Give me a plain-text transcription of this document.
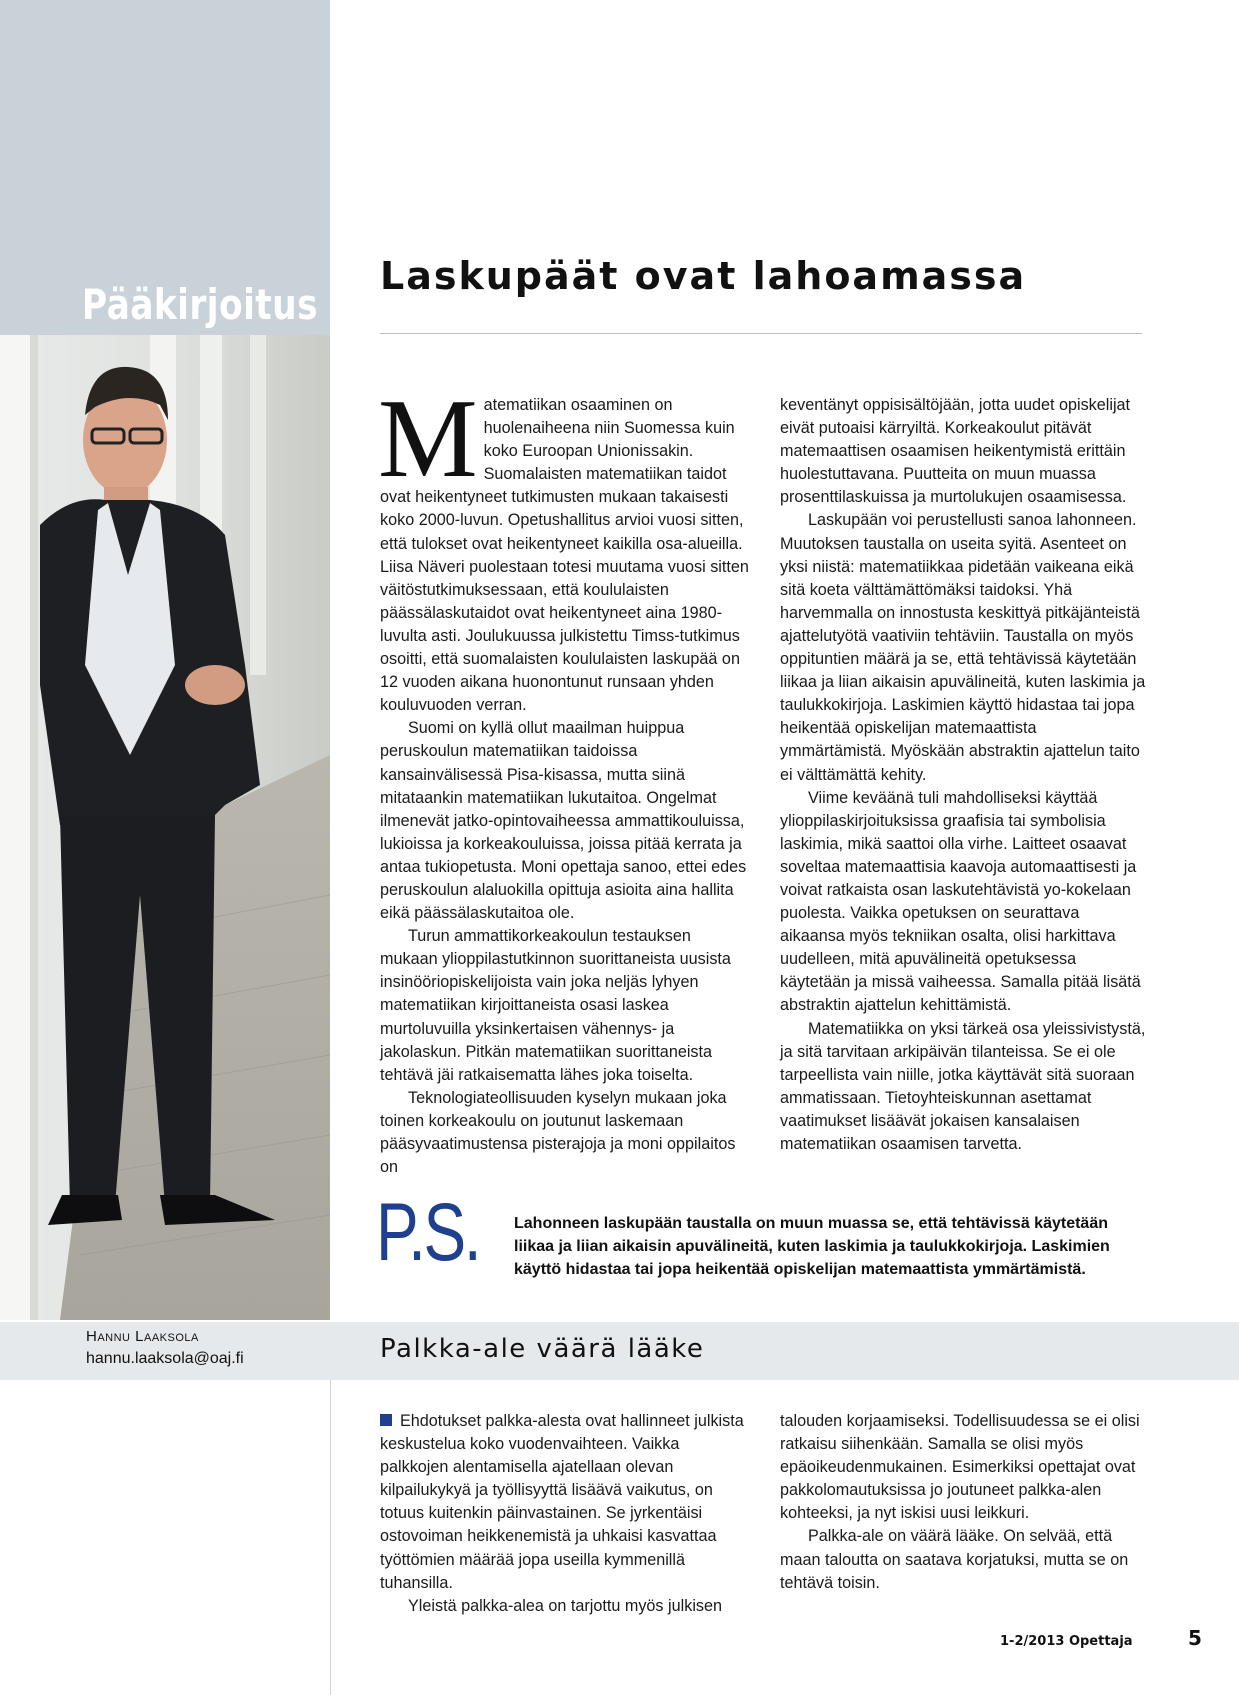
Pääkirjoitus
Laskupäät ovat lahoamassa

Matematiikan osaaminen on huolenaiheena niin Suomessa kuin koko Euroopan Unionissakin. Suomalaisten matematiikan taidot ovat heikentyneet tutkimusten mukaan takaisesti koko 2000-luvun. Opetushallitus arvioi vuosi sitten, että tulokset ovat heikentyneet kaikilla osa-alueilla. Liisa Näveri puolestaan totesi muutama vuosi sitten väitöstutkimuksessaan, että koululaisten päässälaskutaidot ovat heikentyneet aina 1980-luvulta asti. Joulukuussa julkistettu Timss-tutkimus osoitti, että suomalaisten koululaisten laskupää on 12 vuoden aikana huonontunut runsaan yhden kouluvuoden verran.

Suomi on kyllä ollut maailman huippua peruskoulun matematiikan taidoissa kansainvälisessä Pisa-kisassa, mutta siinä mitataankin matematiikan lukutaitoa. Ongelmat ilmenevät jatko-opintovaiheessa ammattikouluissa, lukioissa ja korkeakouluissa, joissa pitää kerrata ja antaa tukiopetusta. Moni opettaja sanoo, ettei edes peruskoulun alaluokilla opittuja asioita aina hallita eikä päässälaskutaitoa ole.

Turun ammattikorkeakoulun testauksen mukaan ylioppilastutkinnon suorittaneista uusista insinööriopiskelijoista vain joka neljäs lyhyen matematiikan kirjoittaneista osasi laskea murtoluvuilla yksinkertaisen vähennys- ja jakolaskun. Pitkän matematiikan suorittaneista tehtävä jäi ratkaisematta lähes joka toiselta.

Teknologiateollisuuden kyselyn mukaan joka toinen korkeakoulu on joutunut laskemaan pääsyvaatimustensa pisterajoja ja moni oppilaitos on

keventänyt oppisisältöjään, jotta uudet opiskelijat eivät putoaisi kärryiltä. Korkeakoulut pitävät matemaattisen osaamisen heikentymistä erittäin huolestuttavana. Puutteita on muun muassa prosenttilaskuissa ja murtolukujen osaamisessa.

Laskupään voi perustellusti sanoa lahonneen. Muutoksen taustalla on useita syitä. Asenteet on yksi niistä: matematiikkaa pidetään vaikeana eikä sitä koeta välttämättömäksi taidoksi. Yhä harvemmalla on innostusta keskittyä pitkäjänteistä ajattelutyötä vaativiin tehtäviin. Taustalla on myös oppituntien määrä ja se, että tehtävissä käytetään liikaa ja liian aikaisin apuvälineitä, kuten laskimia ja taulukkokirjoja. Laskimien käyttö hidastaa tai jopa heikentää opiskelijan matemaattista ymmärtämistä. Myöskään abstraktin ajattelun taito ei välttämättä kehity.

Viime keväänä tuli mahdolliseksi käyttää ylioppilaskirjoituksissa graafisia tai symbolisia laskimia, mikä saattoi olla virhe. Laitteet osaavat soveltaa matemaattisia kaavoja automaattisesti ja voivat ratkaista osan laskutehtävistä yo-kokelaan puolesta. Vaikka opetuksen on seurattava aikaansa myös tekniikan osalta, olisi harkittava uudelleen, mitä apuvälineitä opetuksessa käytetään ja missä vaiheessa. Samalla pitää lisätä abstraktin ajattelun kehittämistä.

Matematiikka on yksi tärkeä osa yleissivistystä, ja sitä tarvitaan arkipäivän tilanteissa. Se ei ole tarpeellista vain niille, jotka käyttävät sitä suoraan ammatissaan. Tietoyhteiskunnan asettamat vaatimukset lisäävät jokaisen kansalaisen matematiikan osaamisen tarvetta.

P.S. Lahonneen laskupään taustalla on muun muassa se, että tehtävissä käytetään liikaa ja liian aikaisin apuvälineitä, kuten laskimia ja taulukkokirjoja. Laskimien käyttö hidastaa tai jopa heikentää opiskelijan matemaattista ymmärtämistä.
Hannu Laaksola
hannu.laaksola@oaj.fi	Palkka-ale väärä lääke

Ehdotukset palkka-alesta ovat hallinneet julkista keskustelua koko vuodenvaihteen. Vaikka palkkojen alentamisella ajatellaan olevan kilpailukykyä ja työllisyyttä lisäävä vaikutus, on totuus kuitenkin päinvastainen. Se jyrkentäisi ostovoiman heikkenemistä ja uhkaisi kasvattaa työttömien määrää jopa useilla kymmenillä tuhansilla.

Yleistä palkka-alea on tarjottu myös julkisen

talouden korjaamiseksi. Todellisuudessa se ei olisi ratkaisu siihenkään. Samalla se olisi myös epäoikeudenmukainen. Esimerkiksi opettajat ovat pakkolomautuksissa jo joutuneet palkka-alen kohteeksi, ja nyt iskisi uusi leikkuri.

Palkka-ale on väärä lääke. On selvää, että maan taloutta on saatava korjatuksi, mutta se on tehtävä toisin.

1-2/2013 Opettaja	5
